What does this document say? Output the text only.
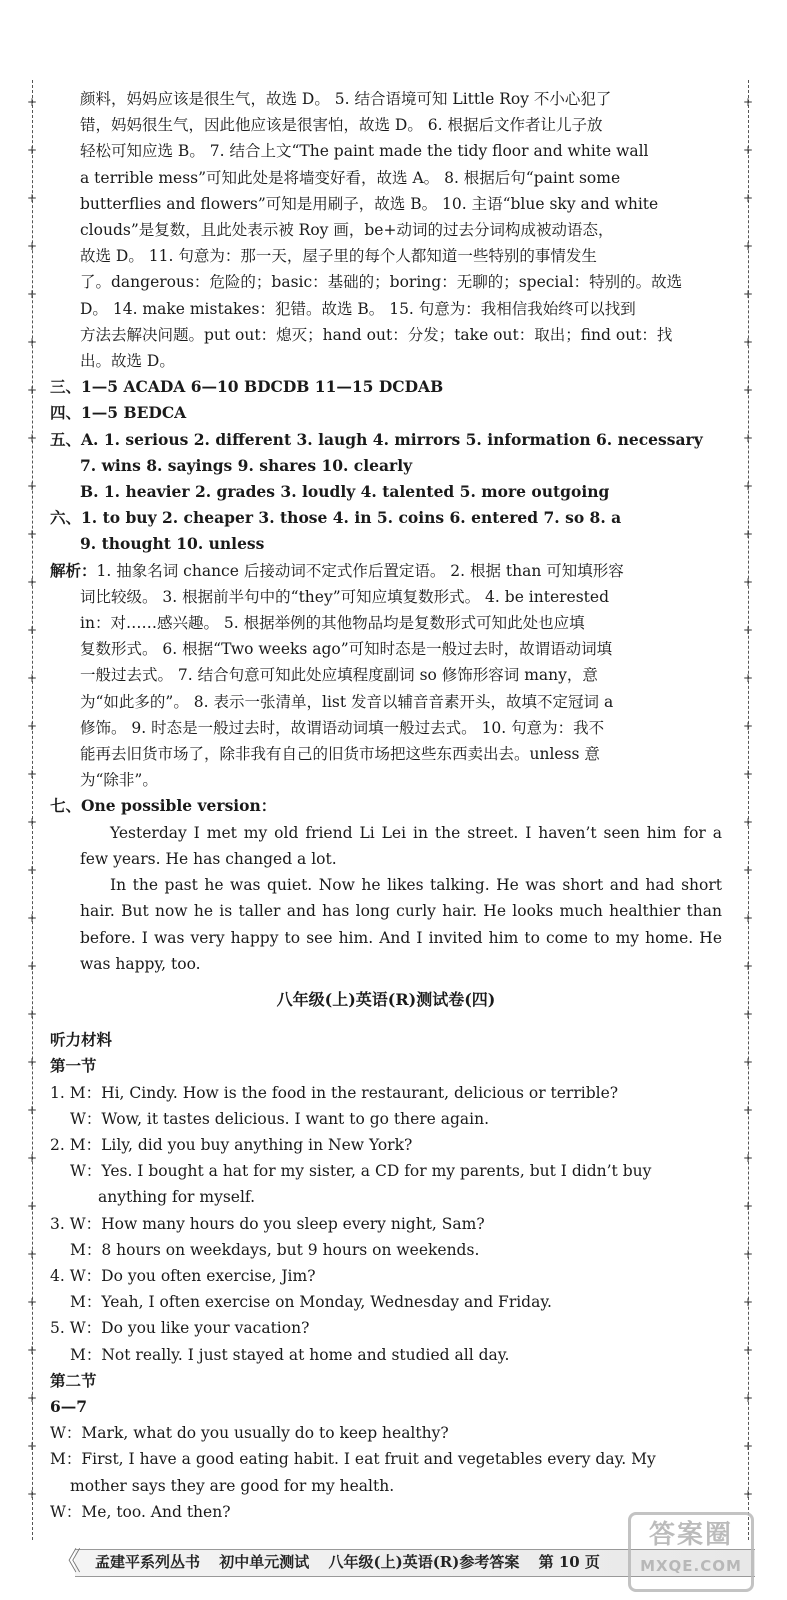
颜料，妈妈应该是很生气，故选 D。 5. 结合语境可知 Little Roy 不小心犯了

错，妈妈很生气，因此他应该是很害怕，故选 D。 6. 根据后文作者让儿子放

轻松可知应选 B。 7. 结合上文“The paint made the tidy floor and white wall

a terrible mess”可知此处是将墙变好看，故选 A。 8. 根据后句“paint some

butterflies and flowers”可知是用刷子，故选 B。 10. 主语“blue sky and white

clouds”是复数，且此处表示被 Roy 画，be+动词的过去分词构成被动语态，

故选 D。 11. 句意为：那一天，屋子里的每个人都知道一些特别的事情发生

了。dangerous：危险的；basic：基础的；boring：无聊的；special：特别的。故选

D。 14. make mistakes：犯错。故选 B。 15. 句意为：我相信我始终可以找到

方法去解决问题。put out：熄灭；hand out：分发；take out：取出；find out：找

出。故选 D。

三、1—5 ACADA 6—10 BDCDB 11—15 DCDAB

四、1—5 BEDCA

五、A. 1. serious 2. different 3. laugh 4. mirrors 5. information 6. necessary

7. wins 8. sayings 9. shares 10. clearly

B. 1. heavier 2. grades 3. loudly 4. talented 5. more outgoing

六、1. to buy 2. cheaper 3. those 4. in 5. coins 6. entered 7. so 8. a

9. thought 10. unless

解析：1. 抽象名词 chance 后接动词不定式作后置定语。 2. 根据 than 可知填形容

词比较级。 3. 根据前半句中的“they”可知应填复数形式。 4. be interested

in：对……感兴趣。 5. 根据举例的其他物品均是复数形式可知此处也应填

复数形式。 6. 根据“Two weeks ago”可知时态是一般过去时，故谓语动词填

一般过去式。 7. 结合句意可知此处应填程度副词 so 修饰形容词 many，意

为“如此多的”。 8. 表示一张清单，list 发音以辅音音素开头，故填不定冠词 a

修饰。 9. 时态是一般过去时，故谓语动词填一般过去式。 10. 句意为：我不

能再去旧货市场了，除非我有自己的旧货市场把这些东西卖出去。unless 意

为“除非”。

七、One possible version：

Yesterday I met my old friend Li Lei in the street. I haven’t seen him for a few years. He has changed a lot.

In the past he was quiet. Now he likes talking. He was short and had short hair. But now he is taller and has long curly hair. He looks much healthier than before. I was very happy to see him. And I invited him to come to my home. He was happy, too.

八年级(上)英语(R)测试卷(四)

听力材料

第一节

1. M：Hi, Cindy. How is the food in the restaurant, delicious or terrible?

W：Wow, it tastes delicious. I want to go there again.

2. M：Lily, did you buy anything in New York?

W：Yes. I bought a hat for my sister, a CD for my parents, but I didn’t buy

anything for myself.

3. W：How many hours do you sleep every night, Sam?

M：8 hours on weekdays, but 9 hours on weekends.

4. W：Do you often exercise, Jim?

M：Yeah, I often exercise on Monday, Wednesday and Friday.

5. W：Do you like your vacation?

M：Not really. I just stayed at home and studied all day.

第二节

6—7

W：Mark, what do you usually do to keep healthy?

M：First, I have a good eating habit. I eat fruit and vegetables every day. My

mother says they are good for my health.

W：Me, too. And then?

《 孟建平系列丛书 初中单元测试 八年级(上)英语(R)参考答案 第 10 页
答案圈
MXQE.COM
+	+
+	+
+	+
+	+
+	+
+	+
+	+
+	+
+	+
+	+
+	+
+	+
+	+
+	+
+	+
+	+
+	+
+	+
+	+
+	+
+	+
+	+
+	+
+	+
+	+
+	+
+	+
+	+
+	+
+	+
